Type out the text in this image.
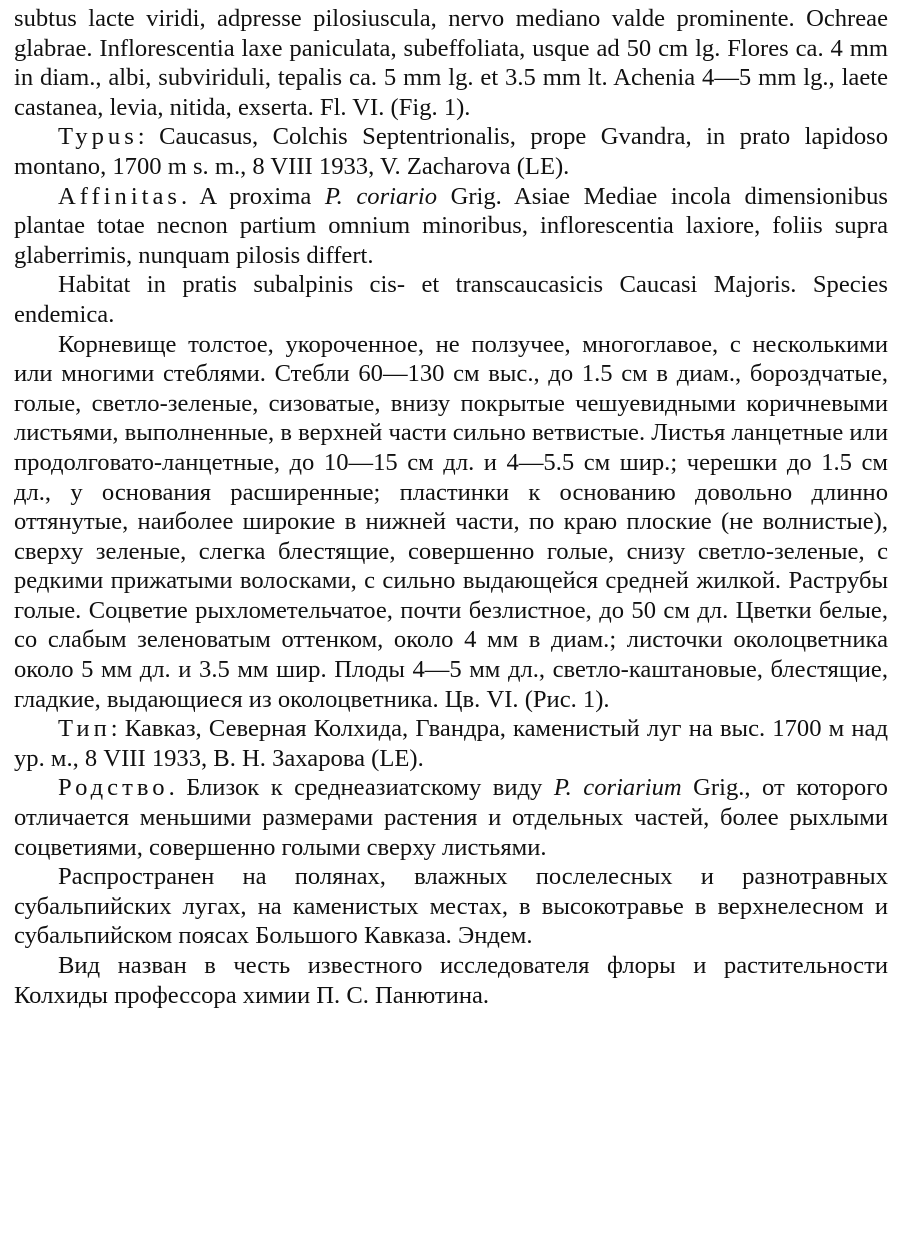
subtus lacte viridi, adpresse pilosiuscula, nervo mediano valde prominente. Ochreae glabrae. Inflorescentia laxe paniculata, subeffoliata, usque ad 50 cm lg. Flores ca. 4 mm in diam., albi, subviriduli, tepalis ca. 5 mm lg. et 3.5 mm lt. Achenia 4—5 mm lg., laete castanea, levia, nitida, exserta. Fl. VI. (Fig. 1).

Typus: Caucasus, Colchis Septentrionalis, prope Gvandra, in prato lapidoso montano, 1700 m s. m., 8 VIII 1933, V. Zacharova (LE).

Affinitas. A proxima P. coriario Grig. Asiae Mediae incola dimensionibus plantae totae necnon partium omnium minoribus, inflorescentia laxiore, foliis supra glaberrimis, nunquam pilosis differt.

Habitat in pratis subalpinis cis- et transcaucasicis Caucasi Majoris. Species endemica.

Корневище толстое, укороченное, не ползучее, многоглавое, с несколькими или многими стеблями. Стебли 60—130 см выс., до 1.5 см в диам., бороздчатые, голые, светло-зеленые, сизоватые, внизу покрытые чешуевидными коричневыми листьями, выполненные, в верхней части сильно ветвистые. Листья ланцетные или продолговато-ланцетные, до 10—15 см дл. и 4—5.5 см шир.; черешки до 1.5 см дл., у основания расширенные; пластинки к основанию довольно длинно оттянутые, наиболее широкие в нижней части, по краю плоские (не волнистые), сверху зеленые, слегка блестящие, совершенно голые, снизу светло-зеленые, с редкими прижатыми волосками, с сильно выдающейся средней жилкой. Раструбы голые. Соцветие рыхлометельчатое, почти безлистное, до 50 см дл. Цветки белые, со слабым зеленоватым оттенком, около 4 мм в диам.; листочки околоцветника около 5 мм дл. и 3.5 мм шир. Плоды 4—5 мм дл., светло-каштановые, блестящие, гладкие, выдающиеся из околоцветника. Цв. VI. (Рис. 1).

Тип: Кавказ, Северная Колхида, Гвандра, каменистый луг на выс. 1700 м над ур. м., 8 VIII 1933, В. Н. Захарова (LE).

Родство. Близок к среднеазиатскому виду P. coriarium Grig., от которого отличается меньшими размерами растения и отдельных частей, более рыхлыми соцветиями, совершенно голыми сверху листьями.

Распространен на полянах, влажных послелесных и разнотравных субальпийских лугах, на каменистых местах, в высокотравье в верхнелесном и субальпийском поясах Большого Кавказа. Эндем.

Вид назван в честь известного исследователя флоры и растительности Колхиды профессора химии П. С. Панютина.
